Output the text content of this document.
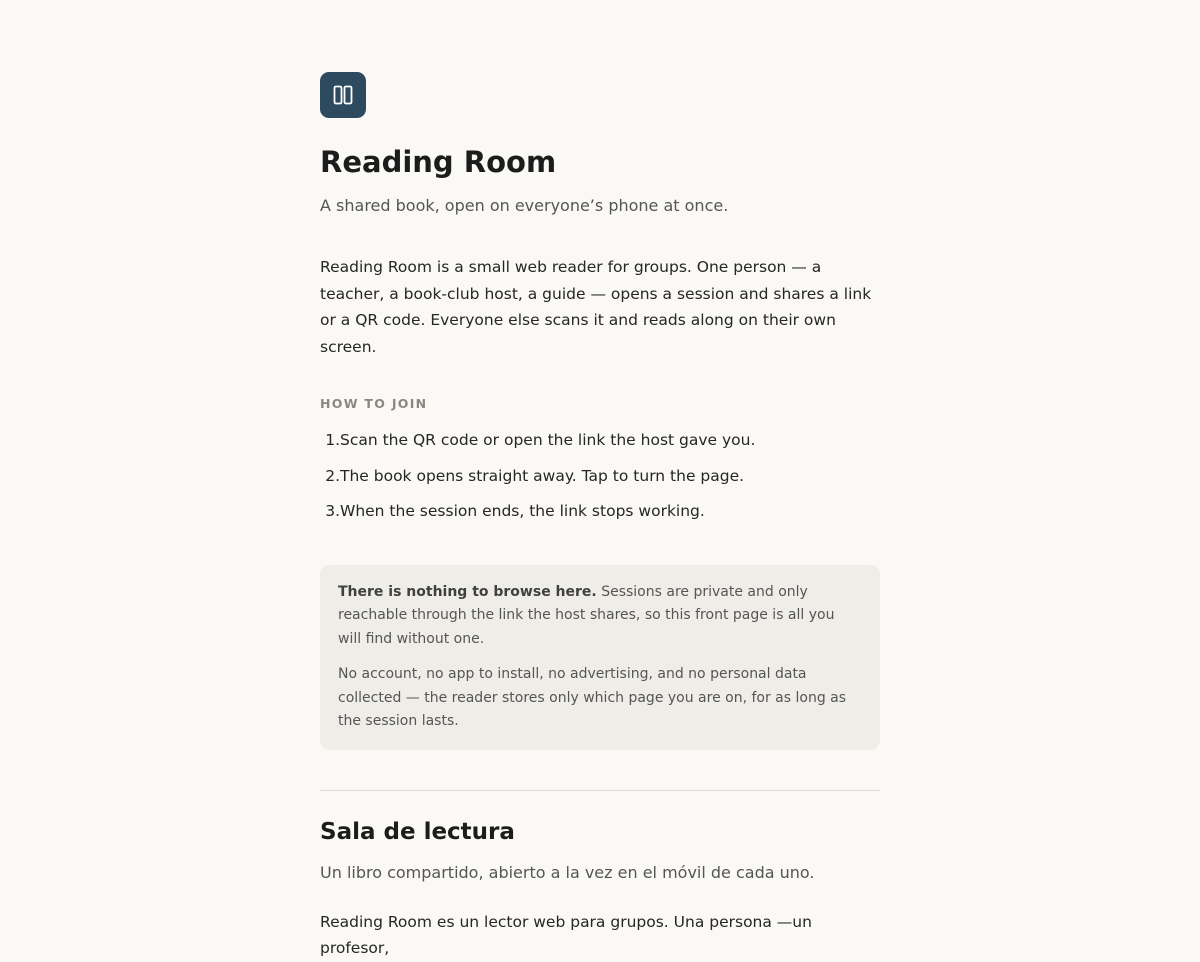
Reading Room

A shared book, open on everyone’s phone at once.

Reading Room is a small web reader for groups. One person — a teacher, a book-club host, a guide — opens a session and shares a link or a QR code. Everyone else scans it and reads along on their own screen.

HOW TO JOIN
1. Scan the QR code or open the link the host gave you.
2. The book opens straight away. Tap to turn the page.
3. When the session ends, the link stops working.

There is nothing to browse here. Sessions are private and only reachable through the link the host shares, so this front page is all you will find without one.

No account, no app to install, no advertising, and no personal data collected — the reader stores only which page you are on, for as long as the session lasts.

Sala de lectura

Un libro compartido, abierto a la vez en el móvil de cada uno.

Reading Room es un lector web para grupos. Una persona —un profesor,
